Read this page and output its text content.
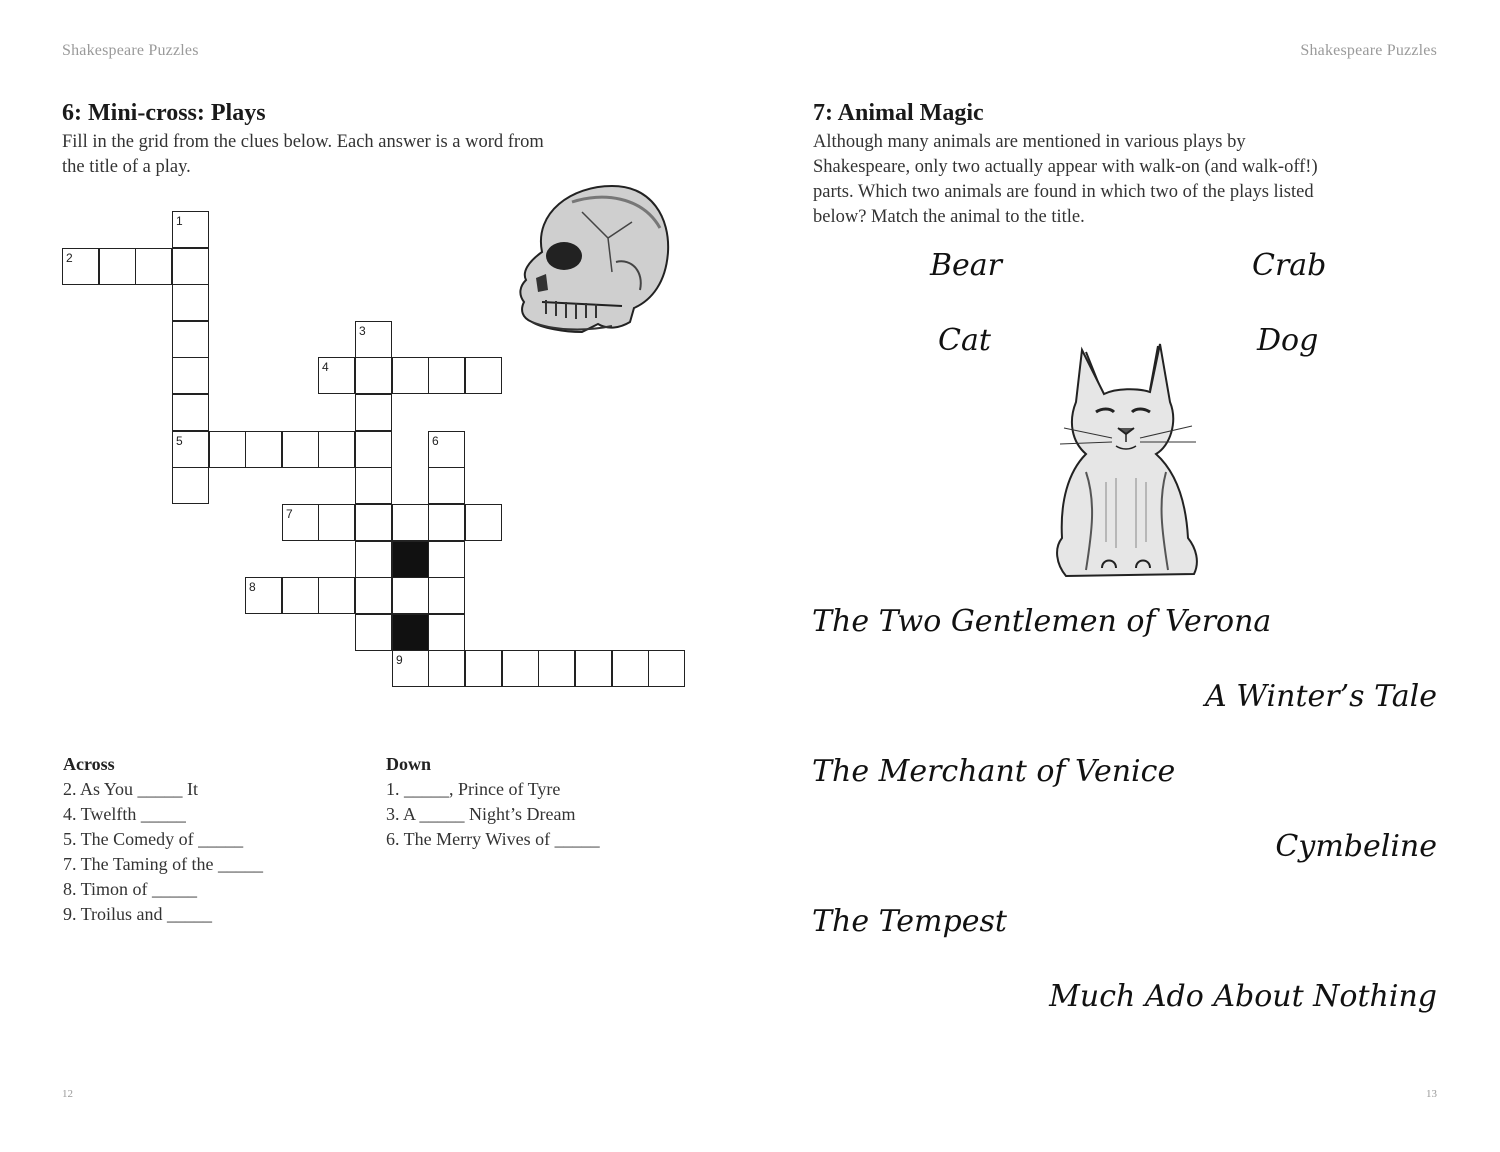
Shakespeare Puzzles	Shakespeare Puzzles
6: Mini-cross: Plays
Fill in the grid from the clues below. Each answer is a word from
the title of a play.
1
2
3
4
5	6
7
8
9
Across
2. As You _____ It
4. Twelfth _____
5. The Comedy of _____
7. The Taming of the _____
8. Timon of _____
9. Troilus and _____
Down
1. _____, Prince of Tyre
3. A _____ Night’s Dream
6. The Merry Wives of _____
7: Animal Magic
Although many animals are mentioned in various plays by
Shakespeare, only two actually appear with walk-on (and walk-off!)
parts. Which two animals are found in which two of the plays listed
below? Match the animal to the title.
Bear	Crab
Cat	Dog
The Two Gentlemen of Verona
A Winter’s Tale
The Merchant of Venice
Cymbeline
The Tempest
Much Ado About Nothing
12	13
